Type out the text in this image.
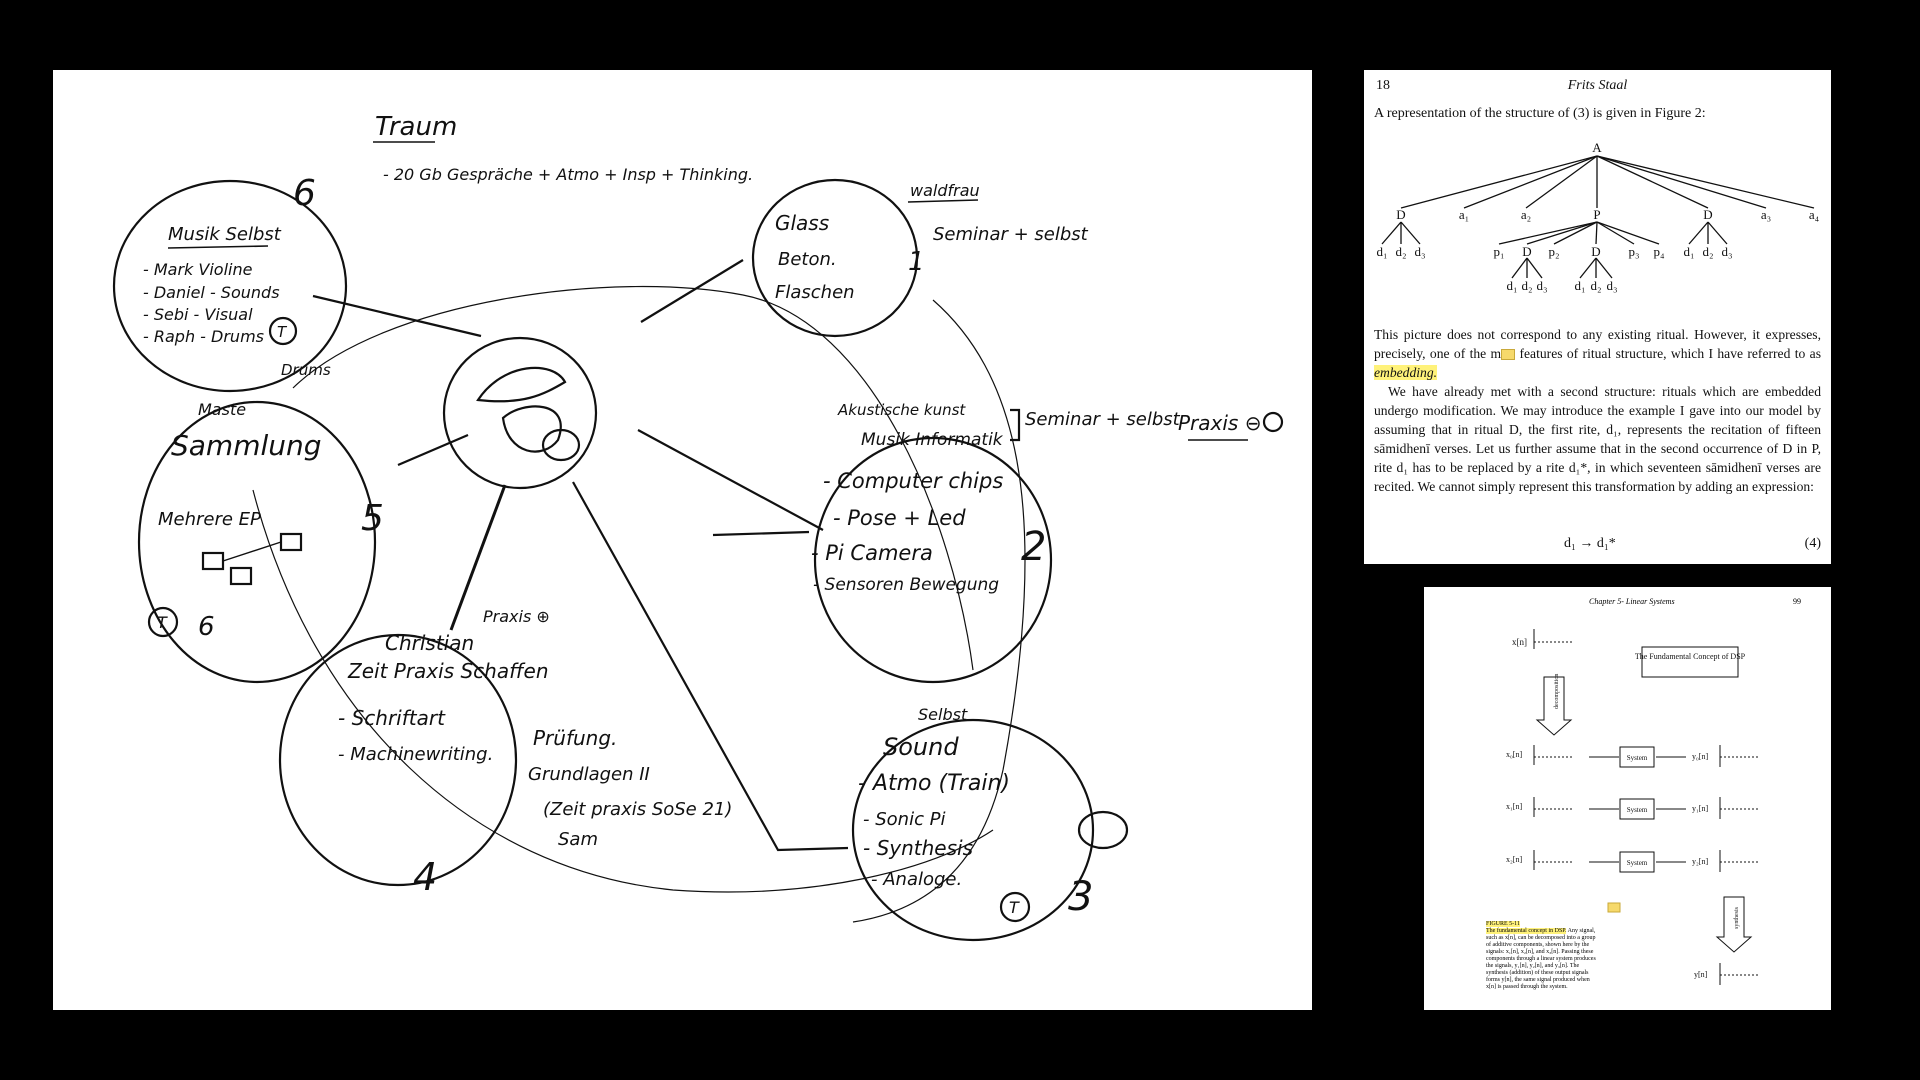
Traum
- 20 Gb Gespräche + Atmo + Insp + Thinking.
Musik Selbst
6
- Mark Violine
- Daniel - Sounds
- Sebi - Visual
- Raph - Drums T
Drums
Glass
Beton.
Flaschen
waldfrau
Seminar + selbst
1
Maste
Sammlung
Mehrere EP	5
T 6
Akustische kunst
Musik Informatik
- Computer chips
- Pose + Led
- Pi Camera
- Sensoren Bewegung
Seminar + selbst
Praxis ⊖
2
Praxis ⊕
Christian
Zeit Praxis Schaffen
- Schriftart
- Machinewriting.
Prüfung.
Grundlagen II
(Zeit praxis SoSe 21)
Sam
4
Selbst
Sound
- Atmo (Train)
- Sonic Pi
- Synthesis
- Analoge.
T 3
18	Frits Staal
A representation of the structure of (3) is given in Figure 2:
A
D	a₁	a₂	P	D	a₃	a₄
d₁ d₂ d₃	p₁ D p₂ D p₃ p₄ d₁ d₂ d₃
d₁ d₂ d₃ d₁ d₂ d₃

This picture does not correspond to any existing ritual. However, it expresses, precisely, one of the m features of ritual structure, which I have referred to as embedding.

We have already met with a second structure: rituals which are embedded undergo modification. We may introduce the example I gave into our model by assuming that in ritual D, the first rite, d₁, represents the recitation of fifteen sāmidhenī verses. Let us further assume that in the second occurrence of D in P, rite d₁ has to be replaced by a rite d₁*, in which seventeen sāmidhenī verses are recited. We cannot simply represent this transformation by adding an expression:

d₁ → d₁*	(4)
Chapter 5- Linear Systems	99
x[n]
The Fundamental Concept of DSP
decomposition
synthesis
x₀[n]	System	y₀[n]
x₁[n]	System	y₁[n]
x₂[n]	System	y₂[n]
y[n]
FIGURE 5-11
The fundamental concept in DSP. Any signal, such as x[n], can be decomposed into a group of additive components, shown here by the signals: x₁[n], x₂[n], and x₃[n]. Passing these components through a linear system produces the signals, y₁[n], y₂[n], and y₃[n]. The synthesis (addition) of these output signals forms y[n], the same signal produced when x[n] is passed through the system.
